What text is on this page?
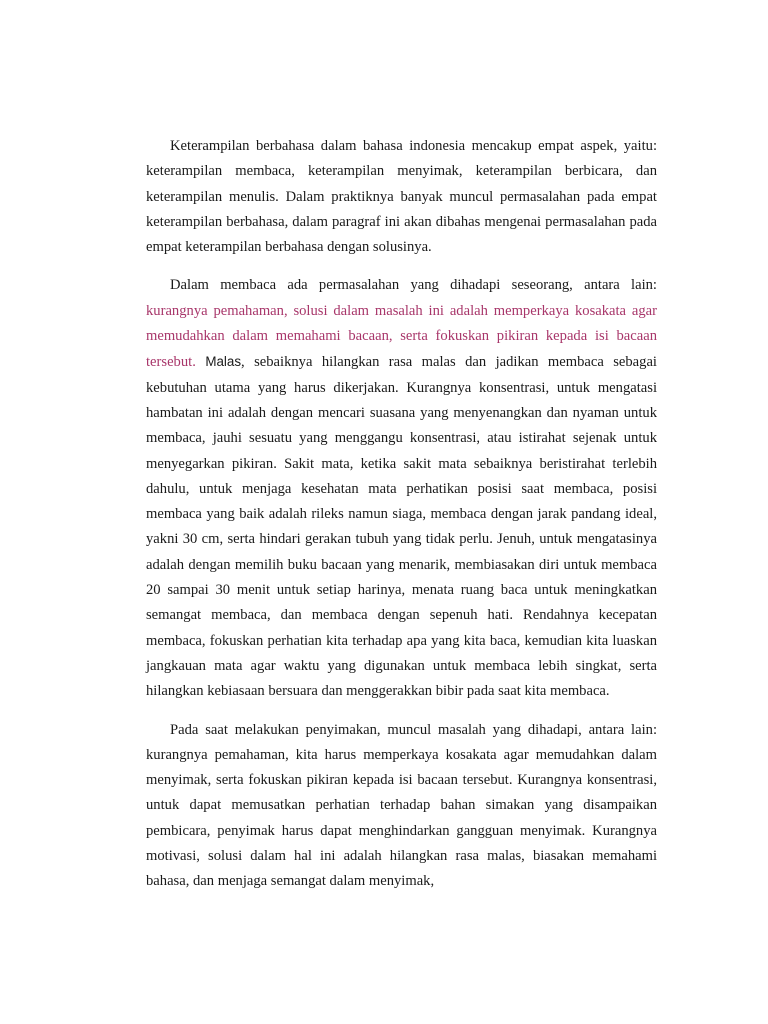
Keterampilan berbahasa dalam bahasa indonesia mencakup empat aspek, yaitu: keterampilan membaca, keterampilan menyimak, keterampilan berbicara, dan keterampilan menulis. Dalam praktiknya banyak muncul permasalahan pada empat keterampilan berbahasa, dalam paragraf ini akan dibahas mengenai permasalahan pada empat keterampilan berbahasa dengan solusinya.

Dalam membaca ada permasalahan yang dihadapi seseorang, antara lain: kurangnya pemahaman, solusi dalam masalah ini adalah memperkaya kosakata agar memudahkan dalam memahami bacaan, serta fokuskan pikiran kepada isi bacaan tersebut. Malas, sebaiknya hilangkan rasa malas dan jadikan membaca sebagai kebutuhan utama yang harus dikerjakan. Kurangnya konsentrasi, untuk mengatasi hambatan ini adalah dengan mencari suasana yang menyenangkan dan nyaman untuk membaca, jauhi sesuatu yang menggangu konsentrasi, atau istirahat sejenak untuk menyegarkan pikiran. Sakit mata, ketika sakit mata sebaiknya beristirahat terlebih dahulu, untuk menjaga kesehatan mata perhatikan posisi saat membaca, posisi membaca yang baik adalah rileks namun siaga, membaca dengan jarak pandang ideal, yakni 30 cm, serta hindari gerakan tubuh yang tidak perlu. Jenuh, untuk mengatasinya adalah dengan memilih buku bacaan yang menarik, membiasakan diri untuk membaca 20 sampai 30 menit untuk setiap harinya, menata ruang baca untuk meningkatkan semangat membaca, dan membaca dengan sepenuh hati. Rendahnya kecepatan membaca, fokuskan perhatian kita terhadap apa yang kita baca, kemudian kita luaskan jangkauan mata agar waktu yang digunakan untuk membaca lebih singkat, serta hilangkan kebiasaan bersuara dan menggerakkan bibir pada saat kita membaca.

Pada saat melakukan penyimakan, muncul masalah yang dihadapi, antara lain: kurangnya pemahaman, kita harus memperkaya kosakata agar memudahkan dalam menyimak, serta fokuskan pikiran kepada isi bacaan tersebut. Kurangnya konsentrasi, untuk dapat memusatkan perhatian terhadap bahan simakan yang disampaikan pembicara, penyimak harus dapat menghindarkan gangguan menyimak. Kurangnya motivasi, solusi dalam hal ini adalah hilangkan rasa malas, biasakan memahami bahasa, dan menjaga semangat dalam menyimak,
